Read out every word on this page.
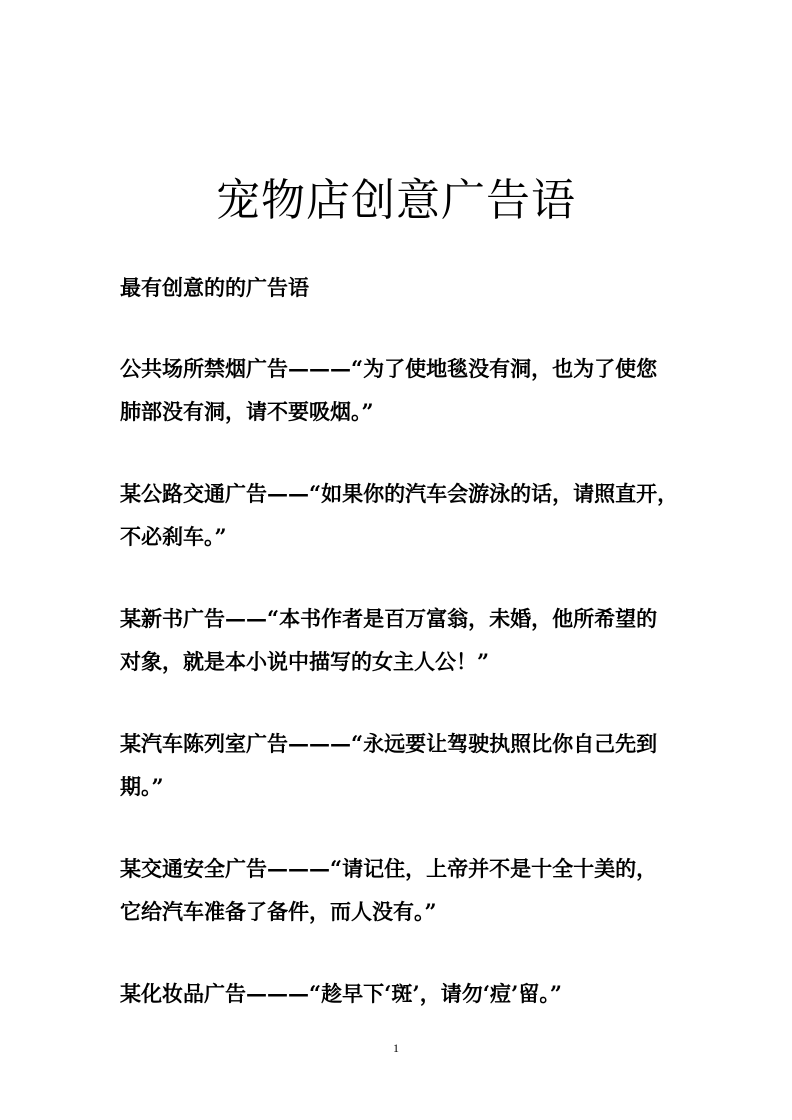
宠物店创意广告语
最有创意的的广告语
公共场所禁烟广告———“为了使地毯没有洞，也为了使您
肺部没有洞，请不要吸烟。”
某公路交通广告——“如果你的汽车会游泳的话，请照直开，
不必刹车。”
某新书广告——“本书作者是百万富翁，未婚，他所希望的
对象，就是本小说中描写的女主人公！”
某汽车陈列室广告———“永远要让驾驶执照比你自己先到
期。”
某交通安全广告———“请记住，上帝并不是十全十美的，
它给汽车准备了备件，而人没有。”
某化妆品广告———“趁早下‘斑’，请勿‘痘’留。”
1
